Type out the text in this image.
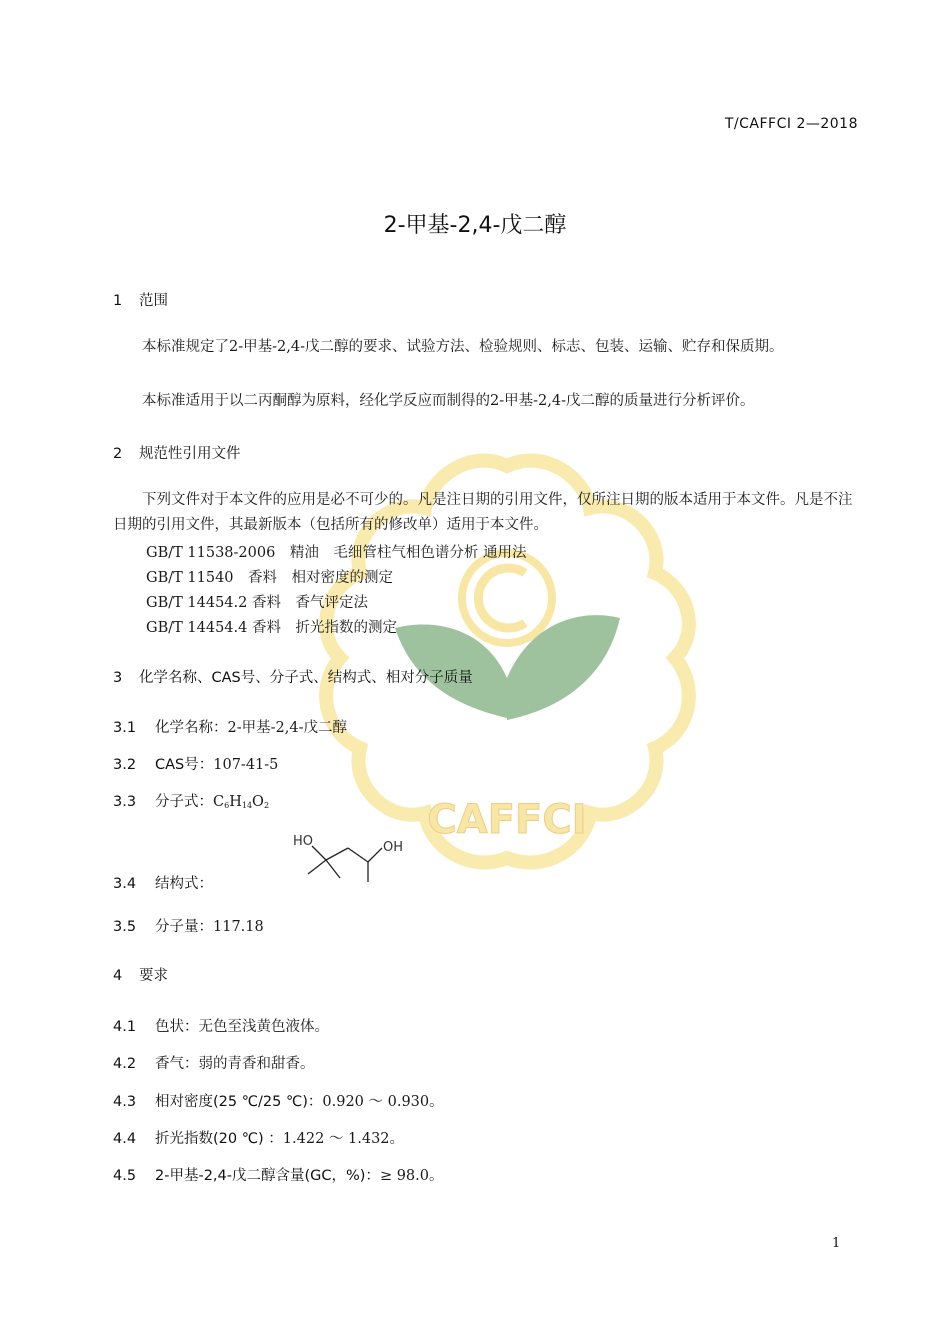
CAFFCI
T/CAFFCI 2—2018
2-甲基-2,4-戊二醇
1 范围
本标准规定了2-甲基-2,4-戊二醇的要求、试验方法、检验规则、标志、包装、运输、贮存和保质期。
本标准适用于以二丙酮醇为原料，经化学反应而制得的2-甲基-2,4-戊二醇的质量进行分析评价。
2 规范性引用文件
下列文件对于本文件的应用是必不可少的。凡是注日期的引用文件，仅所注日期的版本适用于本文件。凡是不注日期的引用文件，其最新版本（包括所有的修改单）适用于本文件。
GB/T 11538-2006　精油　毛细管柱气相色谱分析 通用法
GB/T 11540　香料　相对密度的测定
GB/T 14454.2 香料　香气评定法
GB/T 14454.4 香料　折光指数的测定
3 化学名称、CAS号、分子式、结构式、相对分子质量
3.1 化学名称：2-甲基-2,4-戊二醇
3.2 CAS号：107-41-5
3.3 分子式：$C_6H_{14}O_2$
HO	OH
3.4 结构式：
3.5 分子量：117.18
4 要求
4.1 色状：无色至浅黄色液体。
4.2 香气：弱的青香和甜香。
4.3 相对密度(25 ℃/25 ℃)：0.920 ～ 0.930。
4.4 折光指数(20 ℃) ：1.422 ～ 1.432。
4.5 2-甲基-2,4-戊二醇含量(GC，%)：≥ 98.0。
1
